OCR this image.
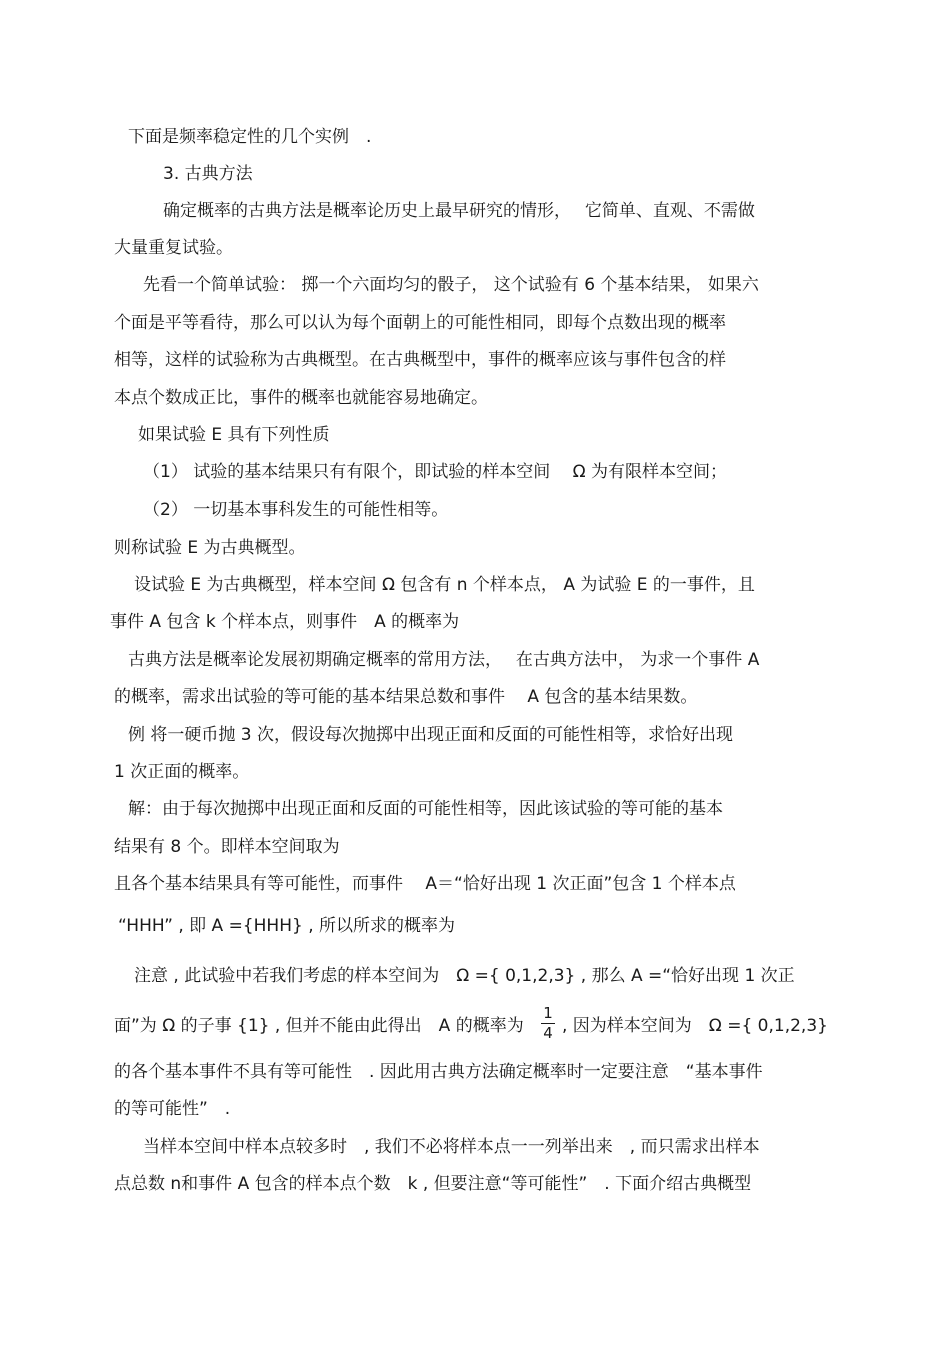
下面是频率稳定性的几个实例　.
3. 古典方法
确定概率的古典方法是概率论历史上最早研究的情形，　 它简单、直观、不需做
大量重复试验。
先看一个简单试验： 掷一个六面均匀的骰子， 这个试验有 6 个基本结果， 如果六
个面是平等看待，那么可以认为每个面朝上的可能性相同，即每个点数出现的概率
相等，这样的试验称为古典概型。在古典概型中，事件的概率应该与事件包含的样
本点个数成正比，事件的概率也就能容易地确定。
如果试验 E 具有下列性质
（1） 试验的基本结果只有有限个，即试验的样本空间　 Ω 为有限样本空间；
（2） 一切基本事科发生的可能性相等。
则称试验 E 为古典概型。
设试验 E 为古典概型，样本空间 Ω 包含有 n 个样本点， A 为试验 E 的一事件，且
事件 A 包含 k 个样本点，则事件　A 的概率为
古典方法是概率论发展初期确定概率的常用方法，　 在古典方法中， 为求一个事件 A
的概率，需求出试验的等可能的基本结果总数和事件　 A 包含的基本结果数。
例 将一硬币抛 3 次，假设每次抛掷中出现正面和反面的可能性相等，求恰好出现
1 次正面的概率。
解：由于每次抛掷中出现正面和反面的可能性相等，因此该试验的等可能的基本
结果有 8 个。即样本空间取为
且各个基本结果具有等可能性，而事件　 A＝“恰好出现 1 次正面”包含 1 个样本点
“HHH” , 即 A ={HHH} , 所以所求的概率为
注意 , 此试验中若我们考虑的样本空间为　Ω ={ 0,1,2,3} , 那么 A =“恰好出现 1 次正
面”为 Ω 的子事 {1} , 但并不能由此得出　A 的概率为
1
4 , 因为样本空间为　Ω ={ 0,1,2,3}
的各个基本事件不具有等可能性　. 因此用古典方法确定概率时一定要注意　“基本事件
的等可能性”　.
当样本空间中样本点较多时　, 我们不必将样本点一一列举出来　, 而只需求出样本
点总数 n和事件 A 包含的样本点个数　k , 但要注意“等可能性”　. 下面介绍古典概型
